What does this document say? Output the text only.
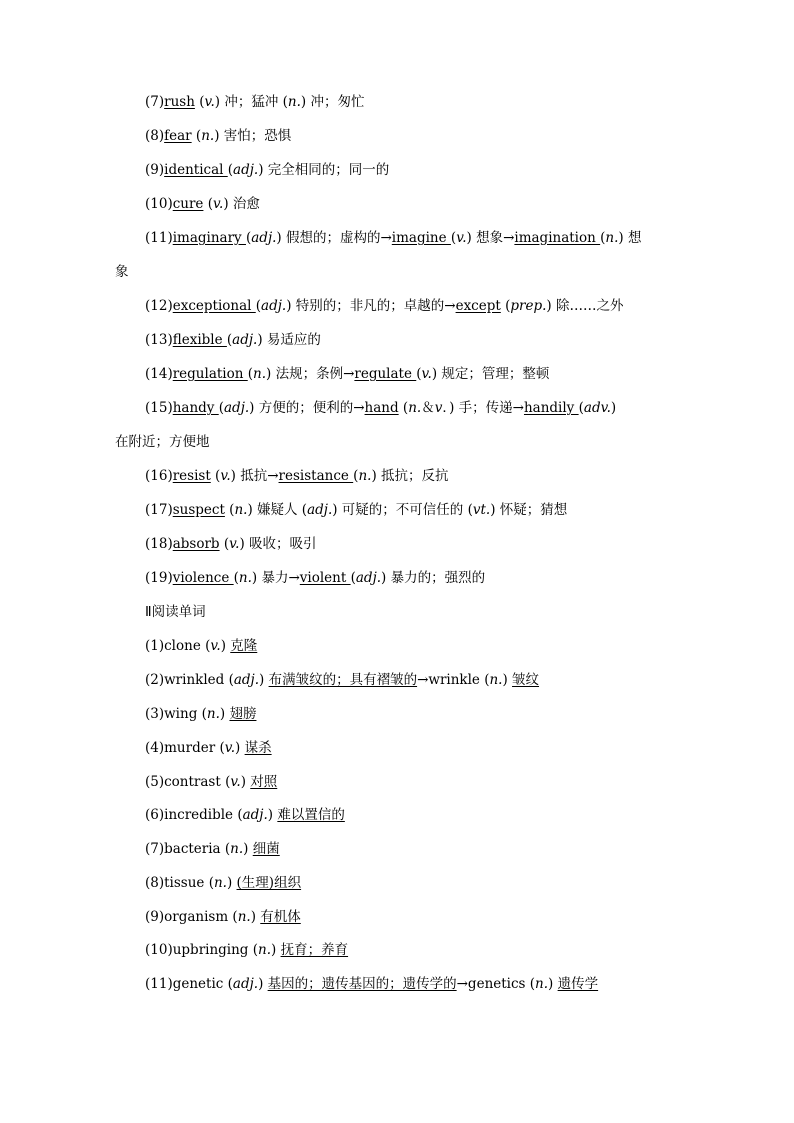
(7)rush (v.) 冲；猛冲 (n.) 冲；匆忙
(8)fear (n.) 害怕；恐惧
(9)identical (adj.) 完全相同的；同一的
(10)cure (v.) 治愈
(11)imaginary (adj.) 假想的；虚构的→imagine (v.) 想象→imagination (n.) 想
象
(12)exceptional (adj.) 特别的；非凡的；卓越的→except (prep.) 除……之外
(13)flexible (adj.) 易适应的
(14)regulation (n.) 法规；条例→regulate (v.) 规定；管理；整顿
(15)handy (adj.) 方便的；便利的→hand (n.＆v．) 手；传递→handily (adv.)
在附近；方便地
(16)resist (v.) 抵抗→resistance (n.) 抵抗；反抗
(17)suspect (n.) 嫌疑人 (adj.) 可疑的；不可信任的 (vt.) 怀疑；猜想
(18)absorb (v.) 吸收；吸引
(19)violence (n.) 暴力→violent (adj.) 暴力的；强烈的
Ⅱ阅读单词
(1)clone (v.) 克隆
(2)wrinkled (adj.) 布满皱纹的；具有褶皱的→wrinkle (n.) 皱纹
(3)wing (n.) 翅膀
(4)murder (v.) 谋杀
(5)contrast (v.) 对照
(6)incredible (adj.) 难以置信的
(7)bacteria (n.) 细菌
(8)tissue (n.) (生理)组织
(9)organism (n.) 有机体
(10)upbringing (n.) 抚育；养育
(11)genetic (adj.) 基因的；遗传基因的；遗传学的→genetics (n.) 遗传学
